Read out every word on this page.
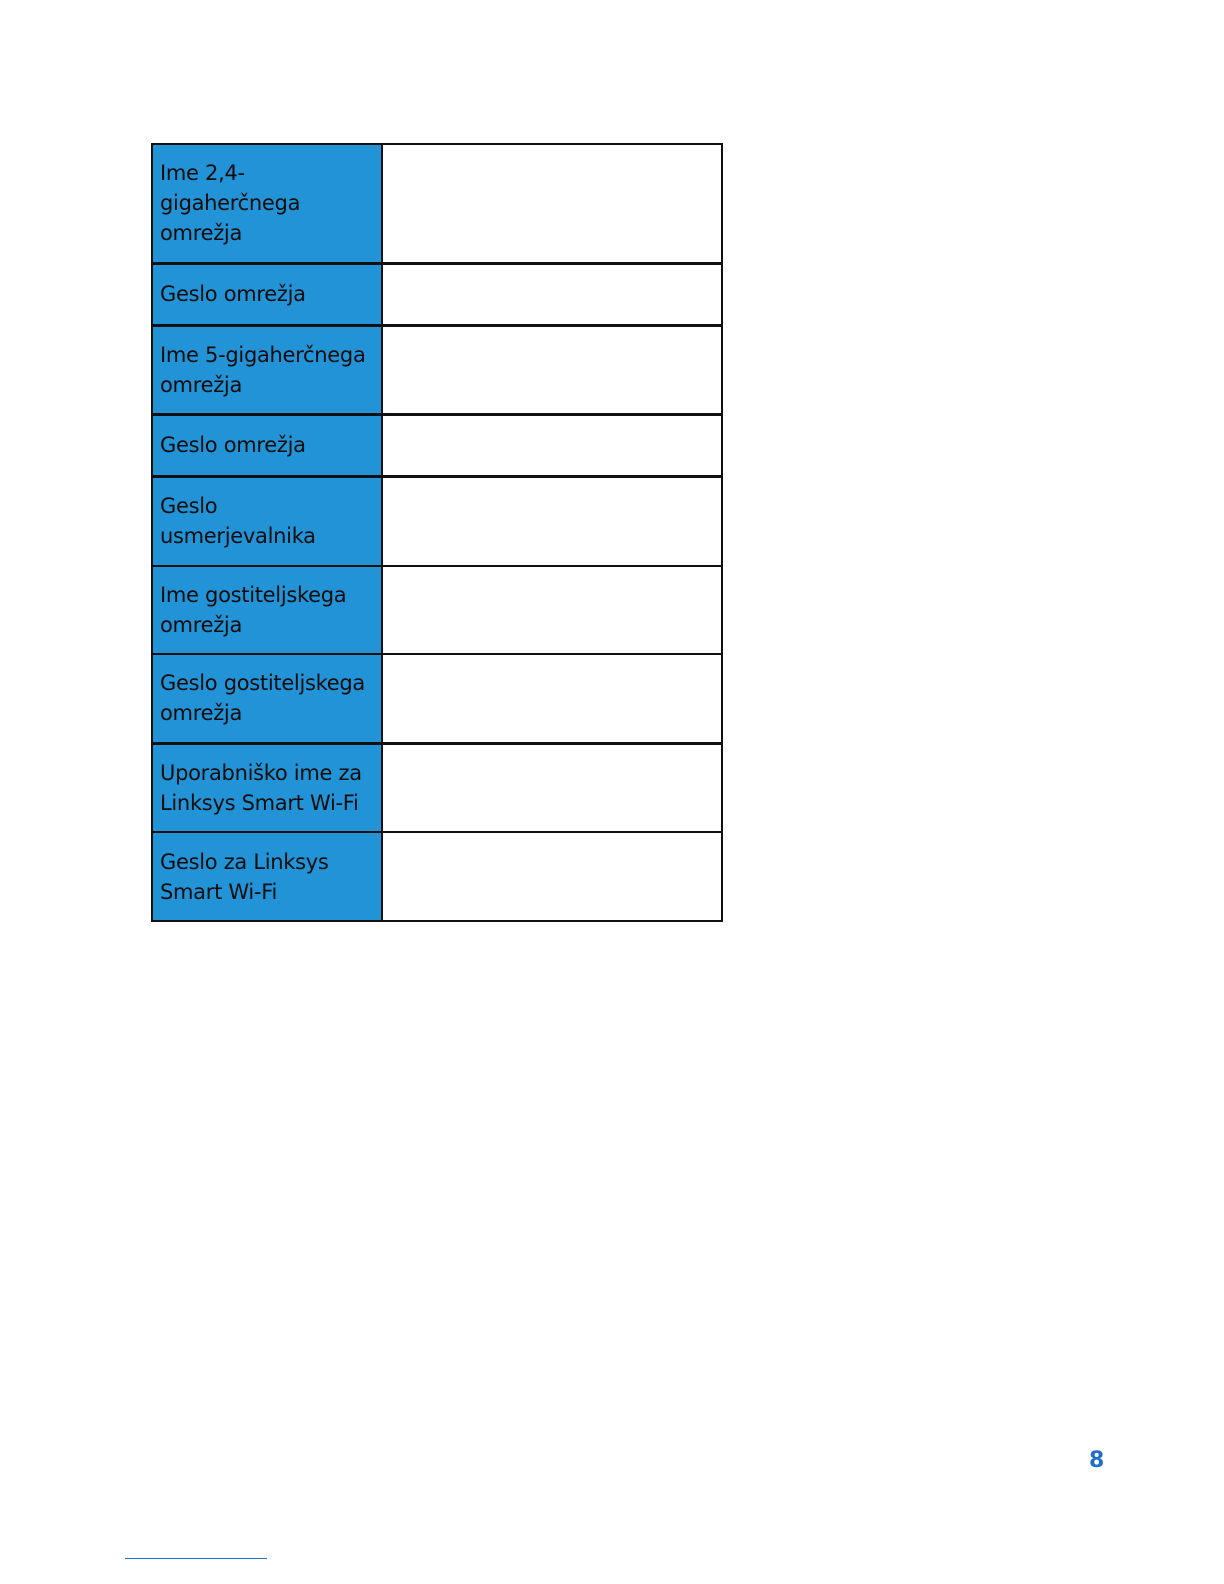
Ime 2,4-
gigaherčnega
omrežja	

Geslo omrežja	

Ime 5-gigaherčnega
omrežja	

Geslo omrežja	

Geslo
usmerjevalnika	

Ime gostiteljskega
omrežja	

Geslo gostiteljskega
omrežja	

Uporabniško ime za
Linksys Smart Wi-Fi	

Geslo za Linksys
Smart Wi-Fi	

8
